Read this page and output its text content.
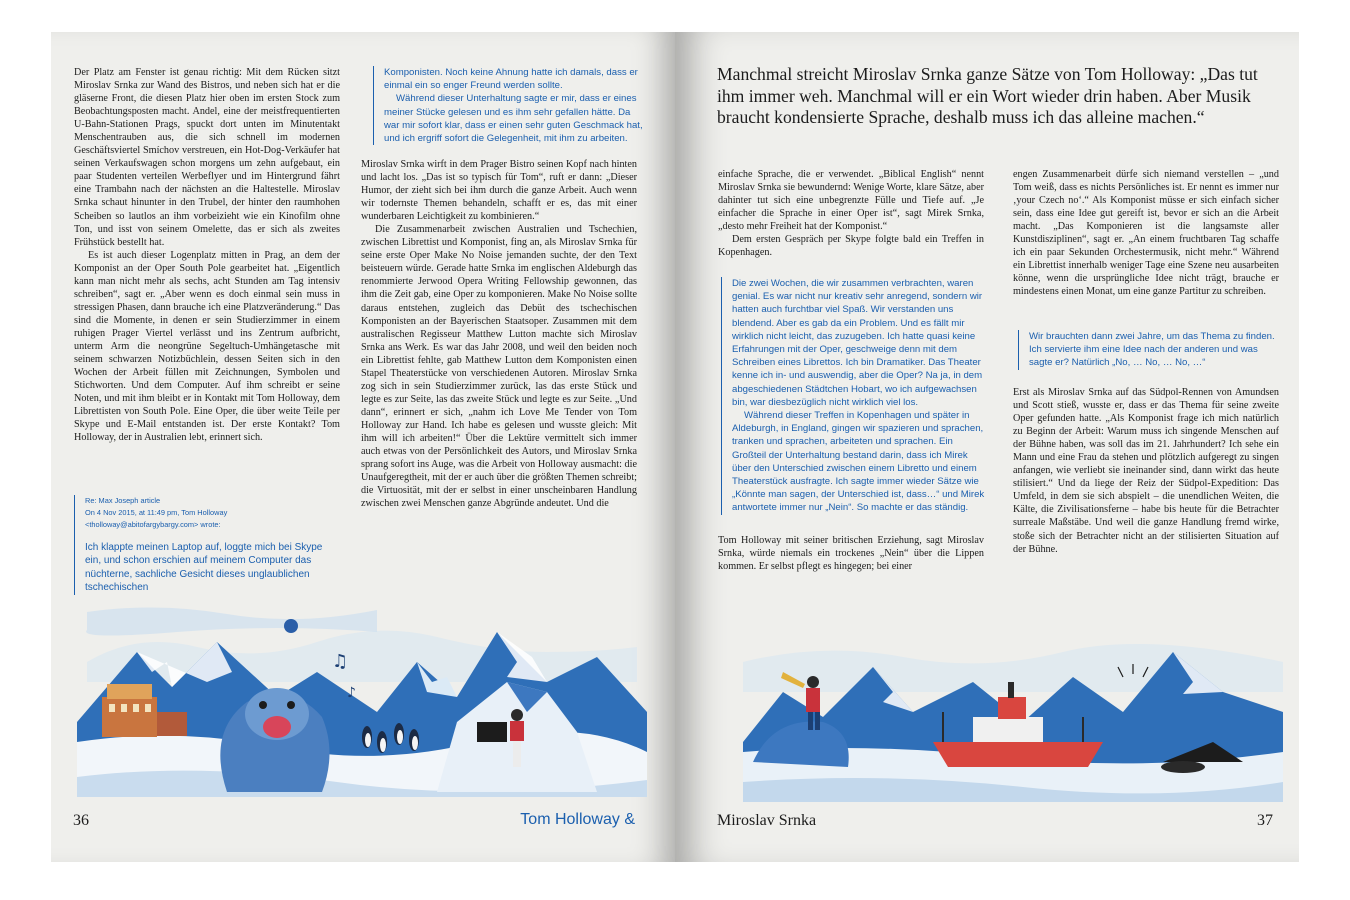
Der Platz am Fenster ist genau richtig: Mit dem Rücken sitzt Miroslav Srnka zur Wand des Bistros, und neben sich hat er die gläserne Front, die diesen Platz hier oben im ersten Stock zum Beobachtungsposten macht. Andel, eine der meistfrequentierten U-Bahn-Stationen Prags, spuckt dort unten im Minutentakt Menschentrauben aus, die sich schnell im modernen Geschäftsviertel Smíchov verstreuen, ein Hot-Dog-Verkäufer hat seinen Verkaufswagen schon morgens um zehn aufgebaut, ein paar Studenten verteilen Werbeflyer und im Hintergrund fährt eine Trambahn nach der nächsten an die Haltestelle. Miroslav Srnka schaut hinunter in den Trubel, der hinter den raumhohen Scheiben so lautlos an ihm vorbeizieht wie ein Kinofilm ohne Ton, und isst von seinem Omelette, das er sich als zweites Frühstück bestellt hat.

Es ist auch dieser Logenplatz mitten in Prag, an dem der Komponist an der Oper South Pole gearbeitet hat. „Eigentlich kann man nicht mehr als sechs, acht Stunden am Tag intensiv schreiben“, sagt er. „Aber wenn es doch einmal sein muss in stressigen Phasen, dann brauche ich eine Platzveränderung.“ Das sind die Momente, in denen er sein Studierzimmer in einem ruhigen Prager Viertel verlässt und ins Zentrum aufbricht, unterm Arm die neongrüne Segeltuch-Umhängetasche mit seinem schwarzen Notizbüchlein, dessen Seiten sich in den Wochen der Arbeit füllen mit Zeichnungen, Symbolen und Stichworten. Und dem Computer. Auf ihm schreibt er seine Noten, und mit ihm bleibt er in Kontakt mit Tom Holloway, dem Librettisten von South Pole. Eine Oper, die über weite Teile per Skype und E-Mail entstanden ist. Der erste Kontakt? Tom Holloway, der in Australien lebt, erinnert sich.

Re: Max Joseph article

On 4 Nov 2015, at 11:49 pm, Tom Holloway <tholloway@abitofargybargy.com> wrote:

Ich klappte meinen Laptop auf, loggte mich bei Skype ein, und schon erschien auf meinem Computer das nüchterne, sachliche Gesicht dieses unglaublichen tschechischen

Komponisten. Noch keine Ahnung hatte ich damals, dass er einmal ein so enger Freund werden sollte.

Während dieser Unterhaltung sagte er mir, dass er eines meiner Stücke gelesen und es ihm sehr gefallen hätte. Da war mir sofort klar, dass er einen sehr guten Geschmack hat, und ich ergriff sofort die Gelegenheit, mit ihm zu arbeiten.

Miroslav Srnka wirft in dem Prager Bistro seinen Kopf nach hinten und lacht los. „Das ist so typisch für Tom“, ruft er dann: „Dieser Humor, der zieht sich bei ihm durch die ganze Arbeit. Auch wenn wir todernste Themen behandeln, schafft er es, das mit einer wunderbaren Leichtigkeit zu kombinieren.“

Die Zusammenarbeit zwischen Australien und Tschechien, zwischen Librettist und Komponist, fing an, als Miroslav Srnka für seine erste Oper Make No Noise jemanden suchte, der den Text beisteuern würde. Gerade hatte Srnka im englischen Aldeburgh das renommierte Jerwood Opera Writing Fellowship gewonnen, das ihm die Zeit gab, eine Oper zu komponieren. Make No Noise sollte daraus entstehen, zugleich das Debüt des tschechischen Komponisten an der Bayerischen Staatsoper. Zusammen mit dem australischen Regisseur Matthew Lutton machte sich Miroslav Srnka ans Werk. Es war das Jahr 2008, und weil den beiden noch ein Librettist fehlte, gab Matthew Lutton dem Komponisten einen Stapel Theaterstücke von verschiedenen Autoren. Miroslav Srnka zog sich in sein Studierzimmer zurück, las das erste Stück und legte es zur Seite, las das zweite Stück und legte es zur Seite. „Und dann“, erinnert er sich, „nahm ich Love Me Tender von Tom Holloway zur Hand. Ich habe es gelesen und wusste gleich: Mit ihm will ich arbeiten!“ Über die Lektüre vermittelt sich immer auch etwas von der Persönlichkeit des Autors, und Miroslav Srnka sprang sofort ins Auge, was die Arbeit von Holloway ausmacht: die Unaufgeregtheit, mit der er auch über die größten Themen schreibt; die Virtuosität, mit der er selbst in einer unscheinbaren Handlung zwischen zwei Menschen ganze Abgründe andeutet. Und die

♫
♪
36	Tom Holloway &
Manchmal streicht Miroslav Srnka ganze Sätze von Tom Holloway: „Das tut ihm immer weh. Manchmal will er ein Wort wieder drin haben. Aber Musik braucht kondensierte Sprache, deshalb muss ich das alleine machen.“

einfache Sprache, die er verwendet. „Biblical English“ nennt Miroslav Srnka sie bewundernd: Wenige Worte, klare Sätze, aber dahinter tut sich eine unbegrenzte Fülle und Tiefe auf. „Je einfacher die Sprache in einer Oper ist“, sagt Mirek Srnka, „desto mehr Freiheit hat der Komponist.“

Dem ersten Gespräch per Skype folgte bald ein Treffen in Kopenhagen.

Die zwei Wochen, die wir zusammen verbrachten, waren genial. Es war nicht nur kreativ sehr anregend, sondern wir hatten auch furchtbar viel Spaß. Wir verstanden uns blendend. Aber es gab da ein Problem. Und es fällt mir wirklich nicht leicht, das zuzugeben. Ich hatte quasi keine Erfahrungen mit der Oper, geschweige denn mit dem Schreiben eines Librettos. Ich bin Dramatiker. Das Theater kenne ich in- und auswendig, aber die Oper? Na ja, in dem abgeschiedenen Städtchen Hobart, wo ich aufgewachsen bin, war diesbezüglich nicht wirklich viel los.

Während dieser Treffen in Kopenhagen und später in Aldeburgh, in England, gingen wir spazieren und sprachen, tranken und sprachen, arbeiteten und sprachen. Ein Großteil der Unterhaltung bestand darin, dass ich Mirek über den Unterschied zwischen einem Libretto und einem Theaterstück ausfragte. Ich sagte immer wieder Sätze wie „Könnte man sagen, der Unterschied ist, dass…“ und Mirek antwortete immer nur „Nein“. So machte er das ständig.

Tom Holloway mit seiner britischen Erziehung, sagt Miroslav Srnka, würde niemals ein trockenes „Nein“ über die Lippen kommen. Er selbst pflegt es hingegen; bei einer

engen Zusammenarbeit dürfe sich niemand verstellen – „und Tom weiß, dass es nichts Persönliches ist. Er nennt es immer nur ‚your Czech no‘.“ Als Komponist müsse er sich einfach sicher sein, dass eine Idee gut gereift ist, bevor er sich an die Arbeit macht. „Das Komponieren ist die langsamste aller Kunstdisziplinen“, sagt er. „An einem fruchtbaren Tag schaffe ich ein paar Sekunden Orchestermusik, nicht mehr.“ Während ein Librettist innerhalb weniger Tage eine Szene neu ausarbeiten könne, wenn die ursprüngliche Idee nicht trägt, brauche er mindestens einen Monat, um eine ganze Partitur zu schreiben.

Wir brauchten dann zwei Jahre, um das Thema zu finden. Ich servierte ihm eine Idee nach der anderen und was sagte er? Natürlich „No, … No, … No, …“

Erst als Miroslav Srnka auf das Südpol-Rennen von Amundsen und Scott stieß, wusste er, dass er das Thema für seine zweite Oper gefunden hatte. „Als Komponist frage ich mich natürlich zu Beginn der Arbeit: Warum muss ich singende Menschen auf der Bühne haben, was soll das im 21. Jahrhundert? Ich sehe ein Mann und eine Frau da stehen und plötzlich aufgeregt zu singen anfangen, wie verliebt sie ineinander sind, dann wirkt das heute stilisiert.“ Und da liege der Reiz der Südpol-Expedition: Das Umfeld, in dem sie sich abspielt – die unendlichen Weiten, die Kälte, die Zivilisationsferne – habe bis heute für die Betrachter surreale Maßstäbe. Und weil die ganze Handlung fremd wirke, stoße sich der Betrachter nicht an der stilisierten Situation auf der Bühne.

Miroslav Srnka	37
